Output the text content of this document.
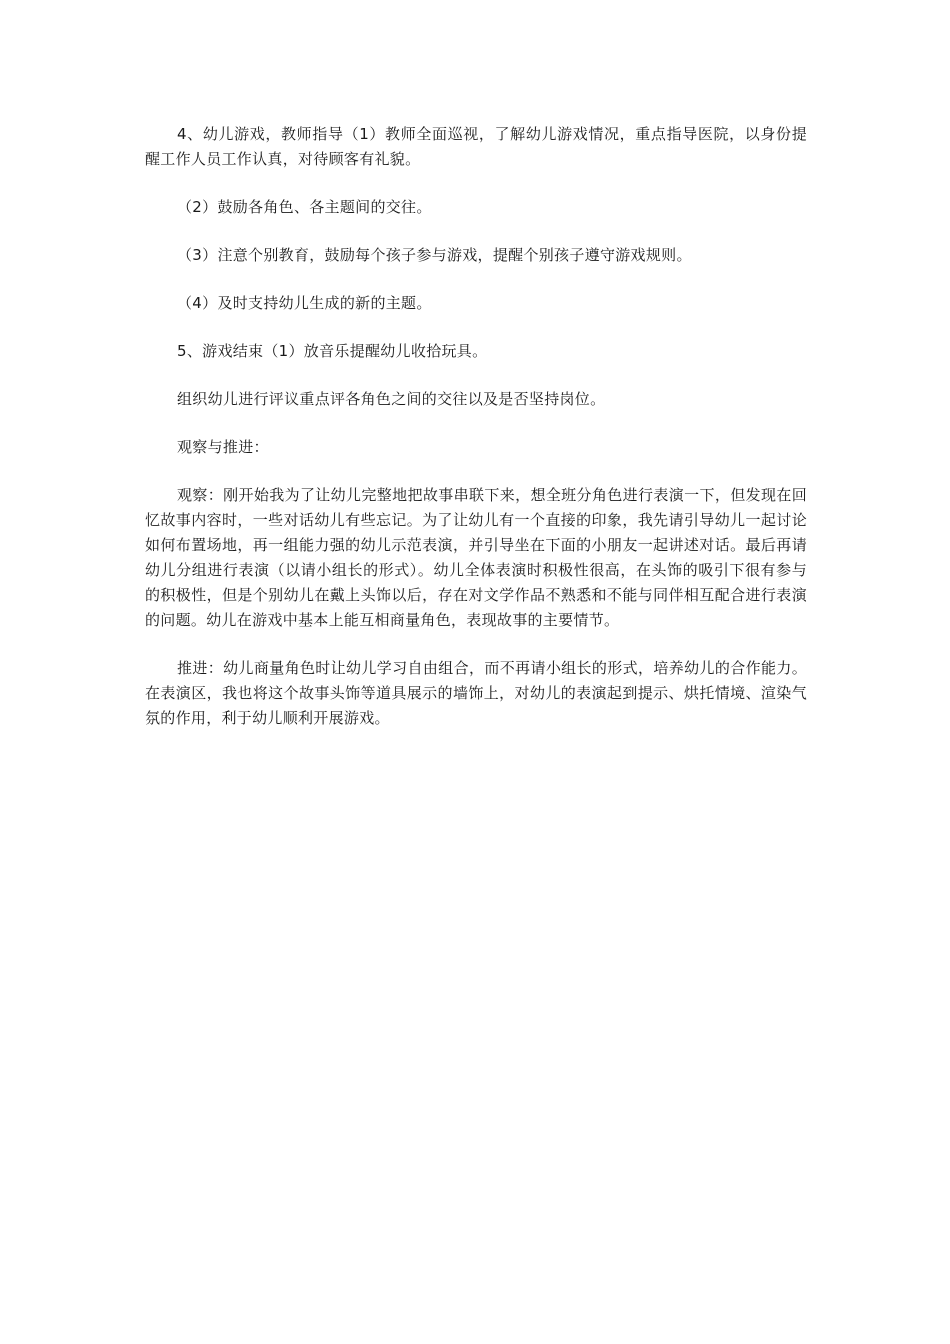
4、幼儿游戏，教师指导（1）教师全面巡视，了解幼儿游戏情况，重点指导医院，以身份提醒工作人员工作认真，对待顾客有礼貌。

（2）鼓励各角色、各主题间的交往。

（3）注意个别教育，鼓励每个孩子参与游戏，提醒个别孩子遵守游戏规则。

（4）及时支持幼儿生成的新的主题。

5、游戏结束（1）放音乐提醒幼儿收拾玩具。

组织幼儿进行评议重点评各角色之间的交往以及是否坚持岗位。

观察与推进：

观察：刚开始我为了让幼儿完整地把故事串联下来，想全班分角色进行表演一下，但发现在回忆故事内容时，一些对话幼儿有些忘记。为了让幼儿有一个直接的印象，我先请引导幼儿一起讨论如何布置场地，再一组能力强的幼儿示范表演，并引导坐在下面的小朋友一起讲述对话。最后再请幼儿分组进行表演（以请小组长的形式）。幼儿全体表演时积极性很高，在头饰的吸引下很有参与的积极性，但是个别幼儿在戴上头饰以后，存在对文学作品不熟悉和不能与同伴相互配合进行表演的问题。幼儿在游戏中基本上能互相商量角色，表现故事的主要情节。

推进：幼儿商量角色时让幼儿学习自由组合，而不再请小组长的形式，培养幼儿的合作能力。在表演区，我也将这个故事头饰等道具展示的墙饰上，对幼儿的表演起到提示、烘托情境、渲染气氛的作用，利于幼儿顺利开展游戏。
